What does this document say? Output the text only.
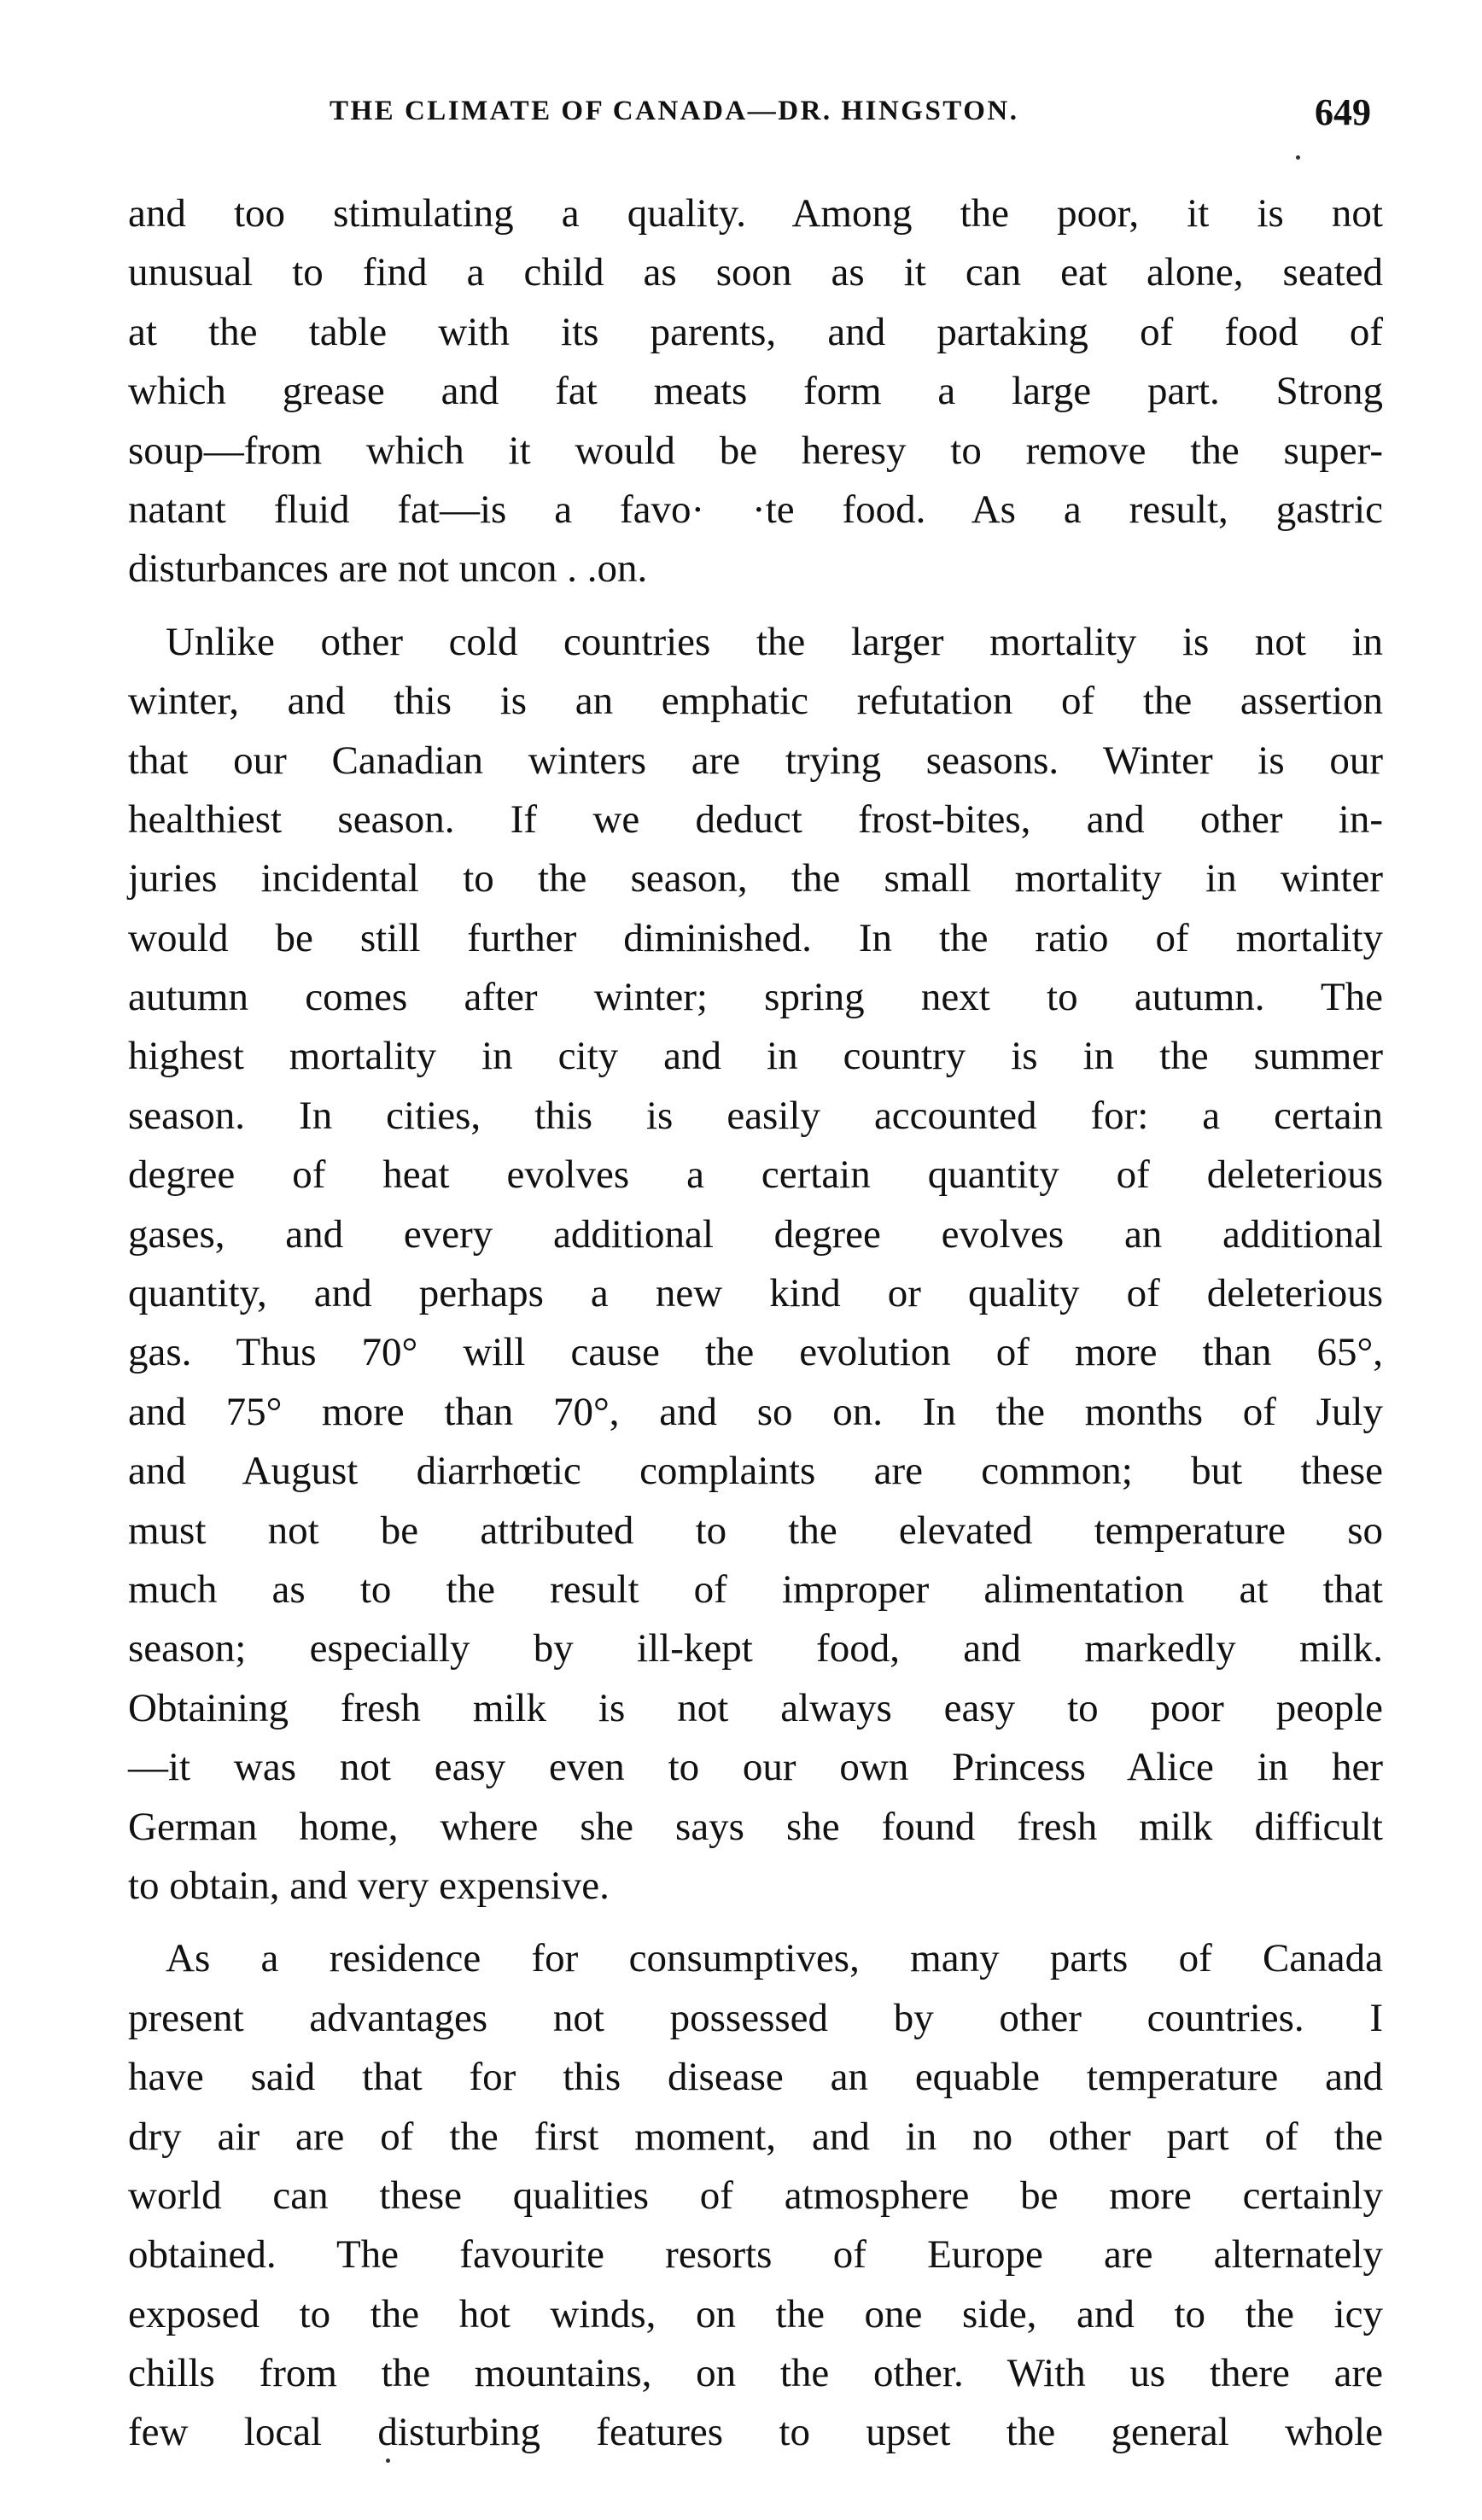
THE CLIMATE OF CANADA—DR. HINGSTON.	649
and too stimulating a quality. Among the poor, it is not
unusual to find a child as soon as it can eat alone, seated
at the table with its parents, and partaking of food of
which grease and fat meats form a large part. Strong
soup—from which it would be heresy to remove the super-
natant fluid fat—is a favo· ·te food. As a result, gastric
disturbances are not uncon . .on.
Unlike other cold countries the larger mortality is not in
winter, and this is an emphatic refutation of the assertion
that our Canadian winters are trying seasons. Winter is our
healthiest season. If we deduct frost-bites, and other in-
juries incidental to the season, the small mortality in winter
would be still further diminished. In the ratio of mortality
autumn comes after winter; spring next to autumn. The
highest mortality in city and in country is in the summer
season. In cities, this is easily accounted for: a certain
degree of heat evolves a certain quantity of deleterious
gases, and every additional degree evolves an additional
quantity, and perhaps a new kind or quality of deleterious
gas. Thus 70° will cause the evolution of more than 65°,
and 75° more than 70°, and so on. In the months of July
and August diarrhœtic complaints are common; but these
must not be attributed to the elevated temperature so
much as to the result of improper alimentation at that
season; especially by ill-kept food, and markedly milk.
Obtaining fresh milk is not always easy to poor people
—it was not easy even to our own Princess Alice in her
German home, where she says she found fresh milk difficult
to obtain, and very expensive.
As a residence for consumptives, many parts of Canada
present advantages not possessed by other countries. I
have said that for this disease an equable temperature and
dry air are of the first moment, and in no other part of the
world can these qualities of atmosphere be more certainly
obtained. The favourite resorts of Europe are alternately
exposed to the hot winds, on the one side, and to the icy
chills from the mountains, on the other. With us there are
few local disturbing features to upset the general whole
